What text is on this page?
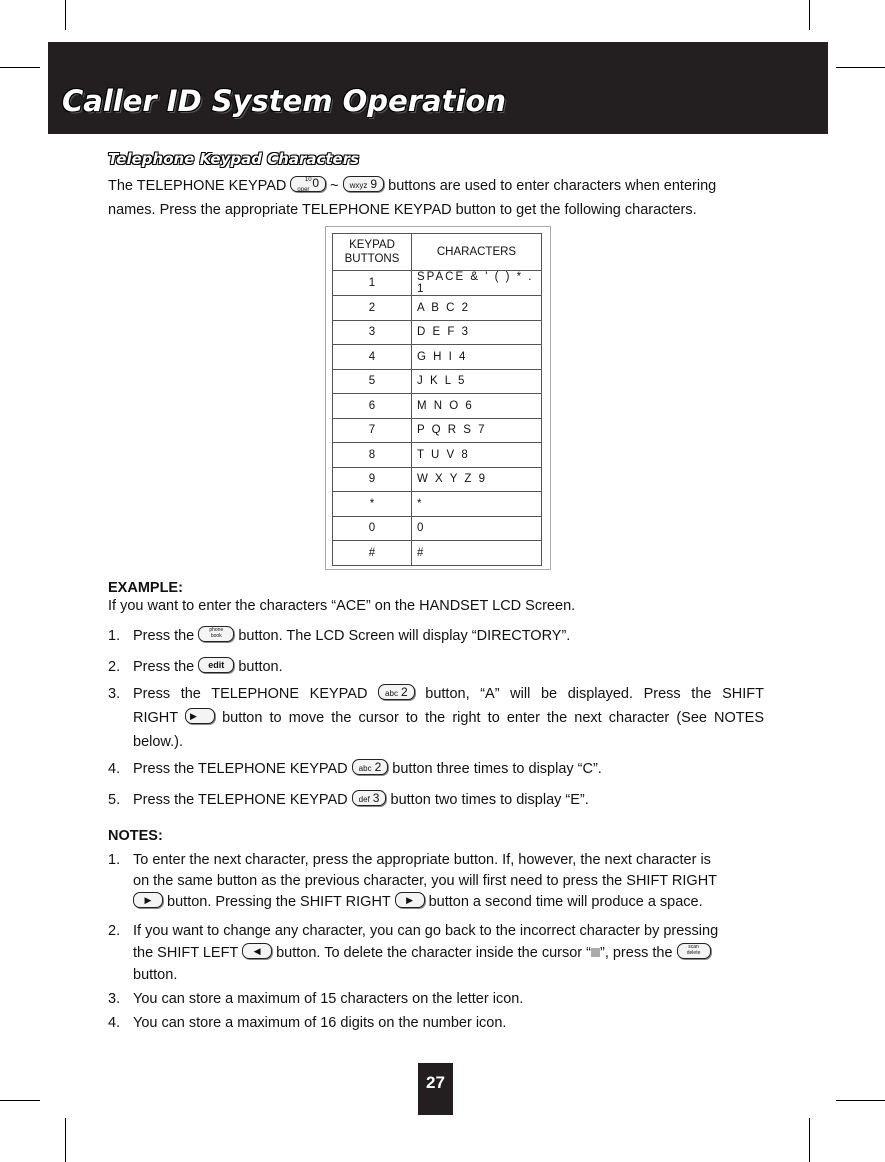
Caller ID System Operation
Telephone Keypad Characters
The TELEPHONE KEYPAD	10
oper 0 ~ wxyz 9 buttons are used to enter characters when entering
names. Press the appropriate TELEPHONE KEYPAD button to get the following characters.
KEYPAD BUTTONS	CHARACTERS
1	SPACE & ' ( ) * . 1
2	A B C 2
3	D E F 3
4	G H I 4
5	J K L 5
6	M N O 6
7	P Q R S 7
8	T U V 8
9	W X Y Z 9
*	*
0	0
#	#
EXAMPLE:
If you want to enter the characters “ACE” on the HANDSET LCD Screen.
1. Press the	phone book button. The LCD Screen will display “DIRECTORY”.
2. Press the edit button.
3. Press the TELEPHONE KEYPAD abc 2 button, “A” will be displayed. Press the SHIFT
RIGHT ▶ button to move the cursor to the right to enter the next character (See NOTES
below.).
4. Press the TELEPHONE KEYPAD abc 2 button three times to display “C”.
5. Press the TELEPHONE KEYPAD def 3 button two times to display “E”.
NOTES:
1. To enter the next character, press the appropriate button. If, however, the next character is
on the same button as the previous character, you will first need to press the SHIFT RIGHT
▶ button. Pressing the SHIFT RIGHT ▶ button a second time will produce a space.
2. If you want to change any character, you can go back to the incorrect character by pressing
the SHIFT LEFT ◀ button. To delete the character inside the cursor “ ”, press the	scan delete
button.
3. You can store a maximum of 15 characters on the letter icon.
4. You can store a maximum of 16 digits on the number icon.
27
